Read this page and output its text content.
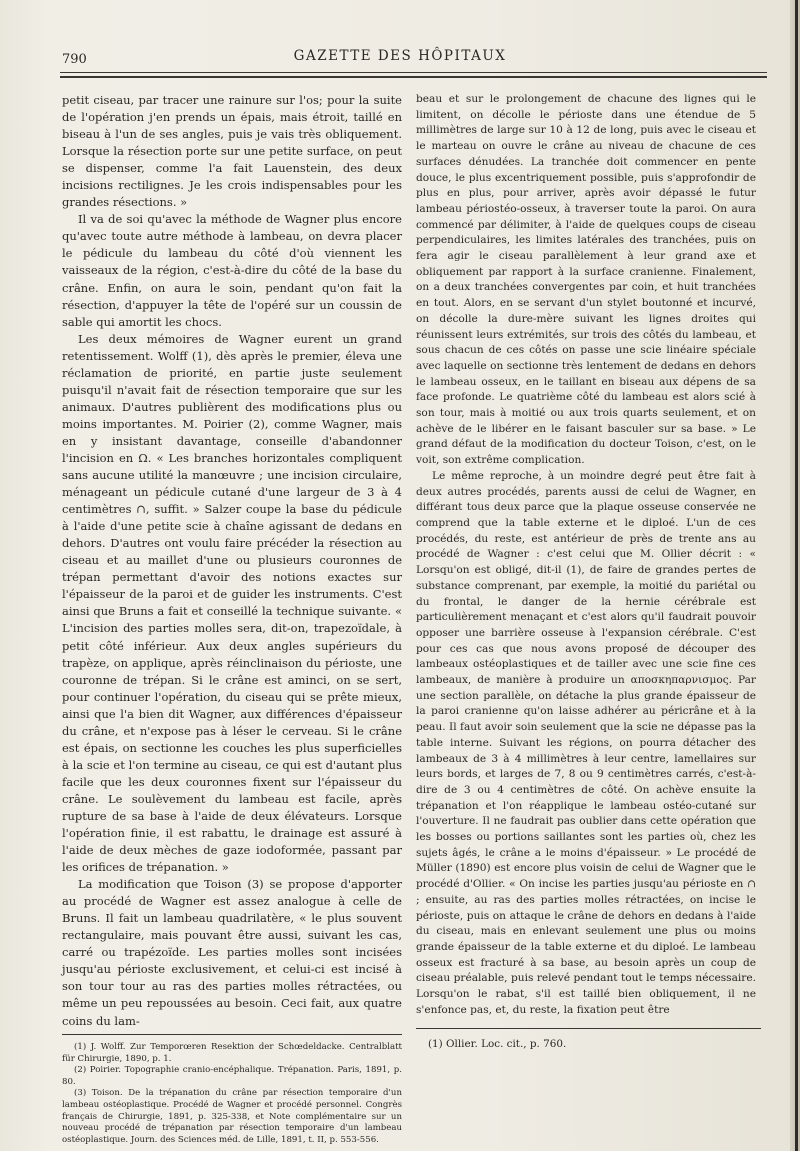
790	GAZETTE DES HÔPITAUX

petit ciseau, par tracer une rainure sur l'os; pour la suite de l'opération j'en prends un épais, mais étroit, taillé en biseau à l'un de ses angles, puis je vais très obliquement. Lorsque la résection porte sur une petite surface, on peut se dispenser, comme l'a fait Lauenstein, des deux incisions rectilignes. Je les crois indispensables pour les grandes résections. »

Il va de soi qu'avec la méthode de Wagner plus encore qu'avec toute autre méthode à lambeau, on devra placer le pédicule du lambeau du côté d'où viennent les vaisseaux de la région, c'est-à-dire du côté de la base du crâne. Enfin, on aura le soin, pendant qu'on fait la résection, d'appuyer la tête de l'opéré sur un coussin de sable qui amortit les chocs.

Les deux mémoires de Wagner eurent un grand retentissement. Wolff (1), dès après le premier, éleva une réclamation de priorité, en partie juste seulement puisqu'il n'avait fait de résection temporaire que sur les animaux. D'autres publièrent des modifications plus ou moins importantes. M. Poirier (2), comme Wagner, mais en y insistant davantage, conseille d'abandonner l'incision en Ω. « Les branches horizontales compliquent sans aucune utilité la manœuvre ; une incision circulaire, ménageant un pédicule cutané d'une largeur de 3 à 4 centimètres ∩, suffit. » Salzer coupe la base du pédicule à l'aide d'une petite scie à chaîne agissant de dedans en dehors. D'autres ont voulu faire précéder la résection au ciseau et au maillet d'une ou plusieurs couronnes de trépan permettant d'avoir des notions exactes sur l'épaisseur de la paroi et de guider les instruments. C'est ainsi que Bruns a fait et conseillé la technique suivante. « L'incision des parties molles sera, dit-on, trapezoïdale, à petit côté inférieur. Aux deux angles supérieurs du trapèze, on applique, après réinclinaison du périoste, une couronne de trépan. Si le crâne est aminci, on se sert, pour continuer l'opération, du ciseau qui se prête mieux, ainsi que l'a bien dit Wagner, aux différences d'épaisseur du crâne, et n'expose pas à léser le cerveau. Si le crâne est épais, on sectionne les couches les plus superficielles à la scie et l'on termine au ciseau, ce qui est d'autant plus facile que les deux couronnes fixent sur l'épaisseur du crâne. Le soulèvement du lambeau est facile, après rupture de sa base à l'aide de deux élévateurs. Lorsque l'opération finie, il est rabattu, le drainage est assuré à l'aide de deux mèches de gaze iodoformée, passant par les orifices de trépanation. »

La modification que Toison (3) se propose d'apporter au procédé de Wagner est assez analogue à celle de Bruns. Il fait un lambeau quadrilatère, « le plus souvent rectangulaire, mais pouvant être aussi, suivant les cas, carré ou trapézoïde. Les parties molles sont incisées jusqu'au périoste exclusivement, et celui-ci est incisé à son tour tour au ras des parties molles rétractées, ou même un peu repoussées au besoin. Ceci fait, aux quatre coins du lam-

beau et sur le prolongement de chacune des lignes qui le limitent, on décolle le périoste dans une étendue de 5 millimètres de large sur 10 à 12 de long, puis avec le ciseau et le marteau on ouvre le crâne au niveau de chacune de ces surfaces dénudées. La tranchée doit commencer en pente douce, le plus excentriquement possible, puis s'approfondir de plus en plus, pour arriver, après avoir dépassé le futur lambeau périostéo-osseux, à traverser toute la paroi. On aura commencé par délimiter, à l'aide de quelques coups de ciseau perpendiculaires, les limites latérales des tranchées, puis on fera agir le ciseau parallèlement à leur grand axe et obliquement par rapport à la surface cranienne. Finalement, on a deux tranchées convergentes par coin, et huit tranchées en tout. Alors, en se servant d'un stylet boutonné et incurvé, on décolle la dure-mère suivant les lignes droites qui réunissent leurs extrémités, sur trois des côtés du lambeau, et sous chacun de ces côtés on passe une scie linéaire spéciale avec laquelle on sectionne très lentement de dedans en dehors le lambeau osseux, en le taillant en biseau aux dépens de sa face profonde. Le quatrième côté du lambeau est alors scié à son tour, mais à moitié ou aux trois quarts seulement, et on achève de le libérer en le faisant basculer sur sa base. » Le grand défaut de la modification du docteur Toison, c'est, on le voit, son extrême complication.

Le même reproche, à un moindre degré peut être fait à deux autres procédés, parents aussi de celui de Wagner, en différant tous deux parce que la plaque osseuse conservée ne comprend que la table externe et le diploé. L'un de ces procédés, du reste, est antérieur de près de trente ans au procédé de Wagner : c'est celui que M. Ollier décrit : « Lorsqu'on est obligé, dit-il (1), de faire de grandes pertes de substance comprenant, par exemple, la moitié du pariétal ou du frontal, le danger de la hernie cérébrale est particulièrement menaçant et c'est alors qu'il faudrait pouvoir opposer une barrière osseuse à l'expansion cérébrale. C'est pour ces cas que nous avons proposé de découper des lambeaux ostéoplastiques et de tailler avec une scie fine ces lambeaux, de manière à produire un αποσκηπαρνισμος. Par une section parallèle, on détache la plus grande épaisseur de la paroi cranienne qu'on laisse adhérer au péricrâne et à la peau. Il faut avoir soin seulement que la scie ne dépasse pas la table interne. Suivant les régions, on pourra détacher des lambeaux de 3 à 4 millimètres à leur centre, lamellaires sur leurs bords, et larges de 7, 8 ou 9 centimètres carrés, c'est-à-dire de 3 ou 4 centimètres de côté. On achève ensuite la trépanation et l'on réapplique le lambeau ostéo-cutané sur l'ouverture. Il ne faudrait pas oublier dans cette opération que les bosses ou portions saillantes sont les parties où, chez les sujets âgés, le crâne a le moins d'épaisseur. » Le procédé de Müller (1890) est encore plus voisin de celui de Wagner que le procédé d'Ollier. « On incise les parties jusqu'au périoste en ∩ ; ensuite, au ras des parties molles rétractées, on incise le périoste, puis on attaque le crâne de dehors en dedans à l'aide du ciseau, mais en enlevant seulement une plus ou moins grande épaisseur de la table externe et du diploé. Le lambeau osseux est fracturé à sa base, au besoin après un coup de ciseau préalable, puis relevé pendant tout le temps nécessaire. Lorsqu'on le rabat, s'il est taillé bien obliquement, il ne s'enfonce pas, et, du reste, la fixation peut être

(1) J. Wolff. Zur Temporœren Resektion der Schœdeldacke. Centralblatt für Chirurgie, 1890, p. 1.

(2) Poirier. Topographie cranio-encéphalique. Trépanation. Paris, 1891, p. 80.

(3) Toison. De la trépanation du crâne par résection temporaire d'un lambeau ostéoplastique. Procédé de Wagner et procédé personnel. Congrès français de Chirurgie, 1891, p. 325-338, et Note complémentaire sur un nouveau procédé de trépanation par résection temporaire d'un lambeau ostéoplastique. Journ. des Sciences méd. de Lille, 1891, t. II, p. 553-556.

(1) Ollier. Loc. cit., p. 760.
